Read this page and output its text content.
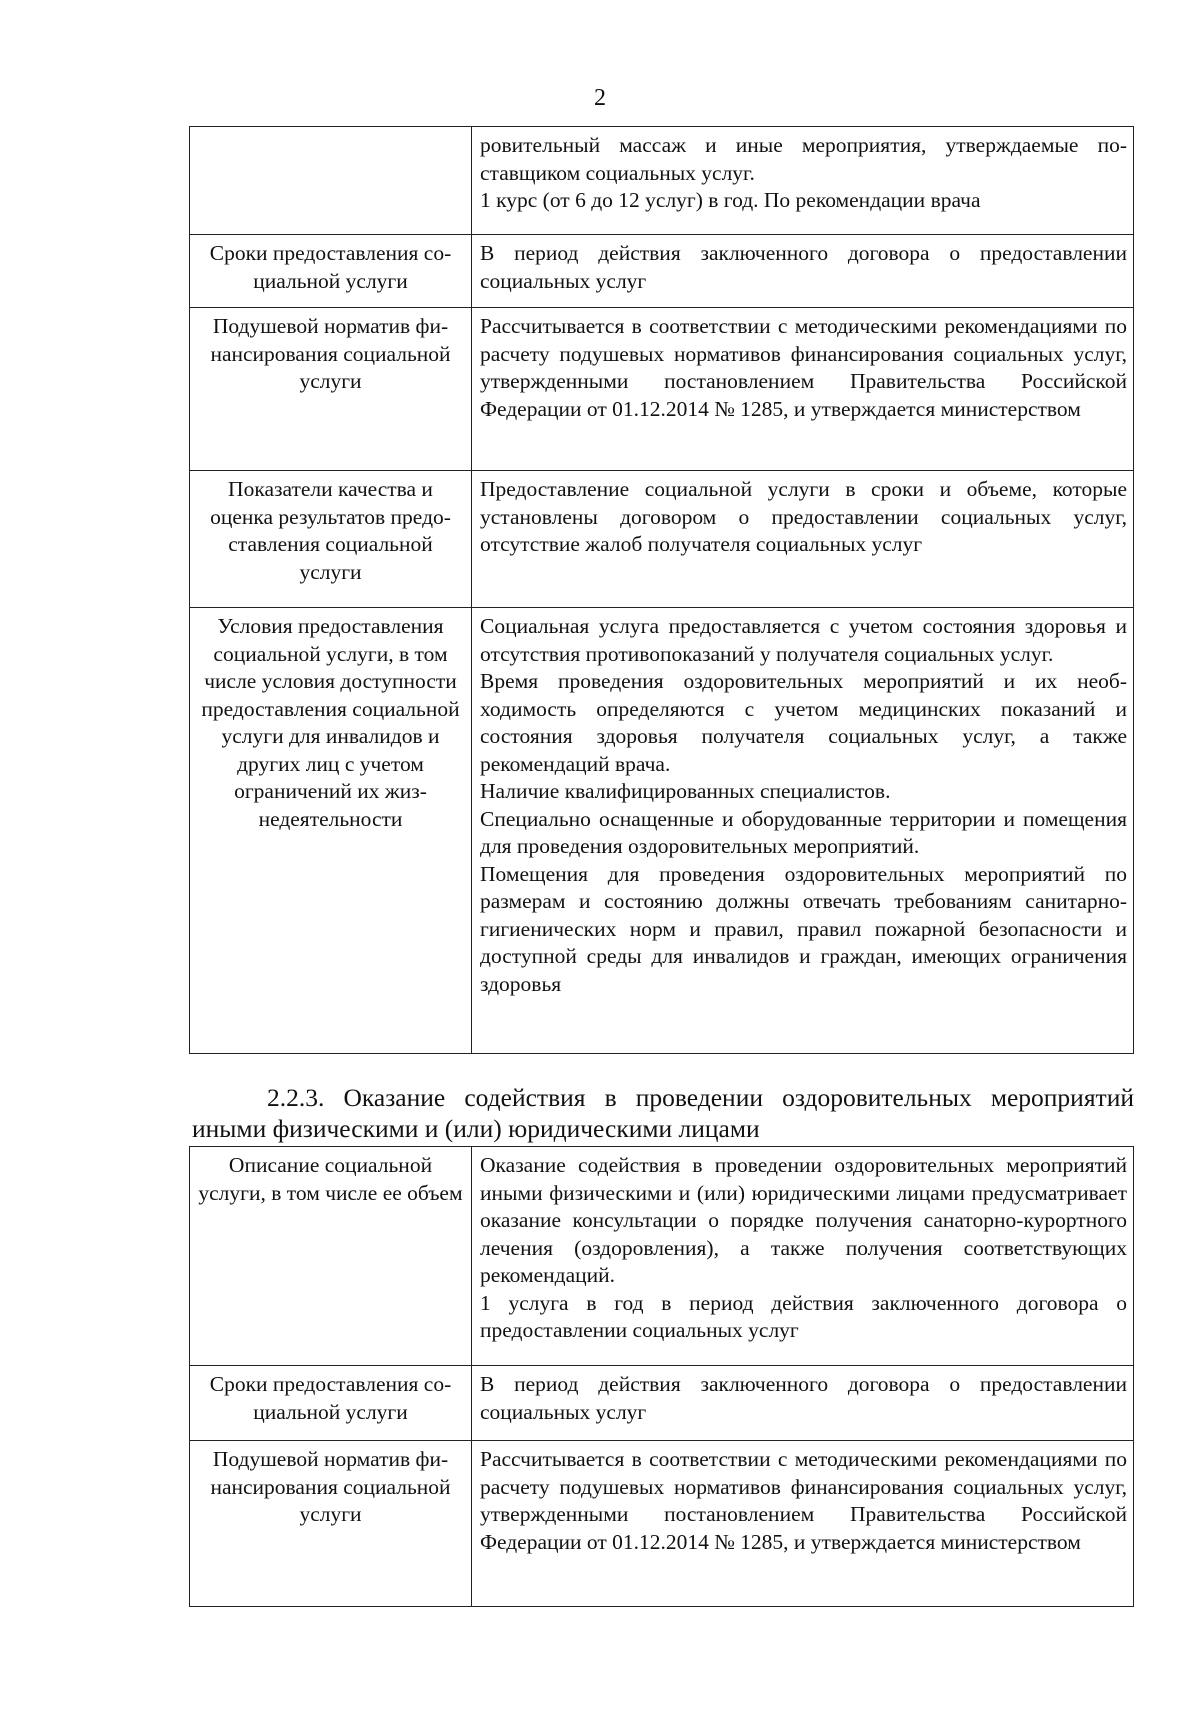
2

	ровительный массаж и иные мероприятия, утверждаемые поставщиком социальных услуг.
1 курс (от 6 до 12 услуг) в год. По рекомендации врача

Сроки предоставления социальной услуги	В период действия заключенного договора о предоставлении социальных услуг

Подушевой норматив финансирования социальной услуги	Рассчитывается в соответствии с методическими рекомендациями по расчету подушевых нормативов финансирования социальных услуг, утвержденными постановлением Правительства Российской Федерации от 01.12.2014 № 1285, и утверждается министерством

Показатели качества и оценка результатов предоставления социальной услуги	Предоставление социальной услуги в сроки и объеме, которые установлены договором о предоставлении социальных услуг, отсутствие жалоб получателя социальных услуг

Условия предоставления социальной услуги, в том числе условия доступности предоставления социальной услуги для инвалидов и других лиц с учетом ограничений их жизнедеятельности	Социальная услуга предоставляется с учетом состояния здоровья и отсутствия противопоказаний у получателя социальных услуг.
Время проведения оздоровительных мероприятий и их необходимость определяются с учетом медицинских показаний и состояния здоровья получателя социальных услуг, а также рекомендаций врача.
Наличие квалифицированных специалистов.
Специально оснащенные и оборудованные территории и помещения для проведения оздоровительных мероприятий.
Помещения для проведения оздоровительных мероприятий по размерам и состоянию должны отвечать требованиям санитарно-гигиенических норм и правил, правил пожарной безопасности и доступной среды для инвалидов и граждан, имеющих ограничения здоровья

2.2.3. Оказание содействия в проведении оздоровительных мероприятий иными физическими и (или) юридическими лицами

Описание социальной услуги, в том числе ее объем	Оказание содействия в проведении оздоровительных мероприятий иными физическими и (или) юридическими лицами предусматривает оказание консультации о порядке получения санаторно-курортного лечения (оздоровления), а также получения соответствующих рекомендаций.
1 услуга в год в период действия заключенного договора о предоставлении социальных услуг

Сроки предоставления социальной услуги	В период действия заключенного договора о предоставлении социальных услуг

Подушевой норматив финансирования социальной услуги	Рассчитывается в соответствии с методическими рекомендациями по расчету подушевых нормативов финансирования социальных услуг, утвержденными постановлением Правительства Российской Федерации от 01.12.2014 № 1285, и утверждается министерством
